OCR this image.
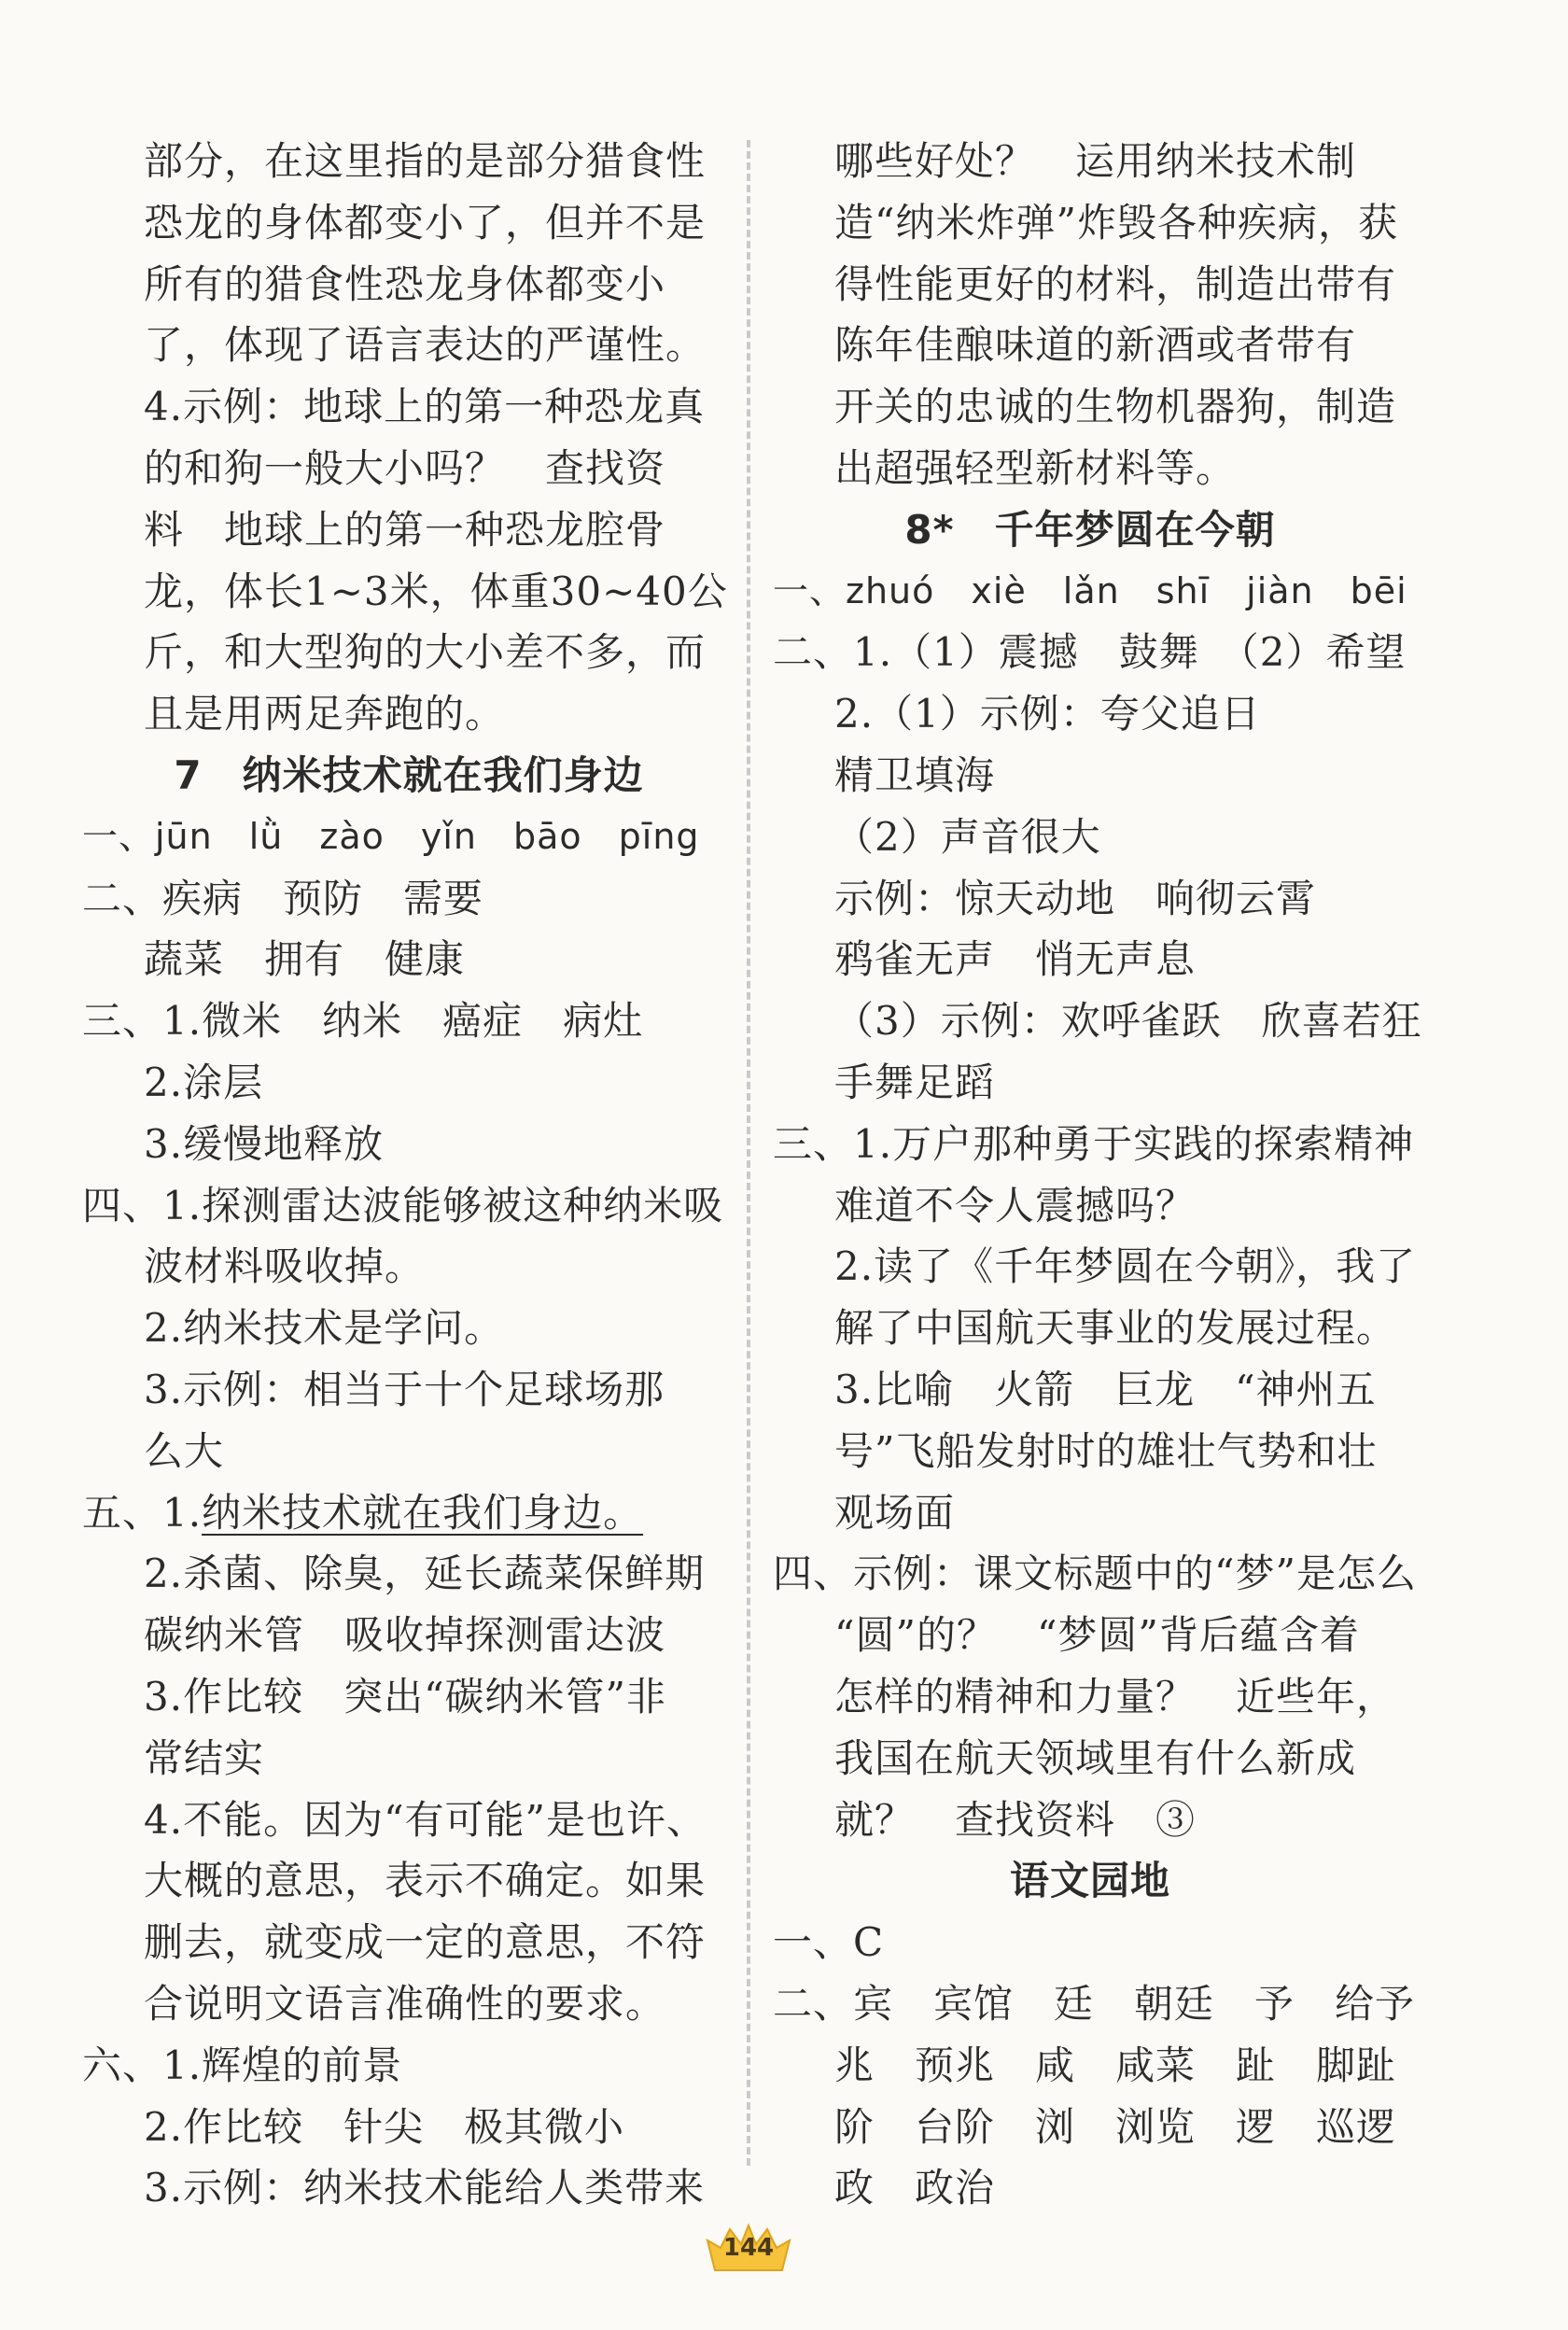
部分，在这里指的是部分猎食性
恐龙的身体都变小了，但并不是
所有的猎食性恐龙身体都变小
了，体现了语言表达的严谨性。
4.示例：地球上的第一种恐龙真
的和狗一般大小吗？　查找资
料　地球上的第一种恐龙腔骨
龙，体长1~3米，体重30~40公
斤，和大型狗的大小差不多，而
且是用两足奔跑的。
7　纳米技术就在我们身边
一、jūn　lǜ　zào　yǐn　bāo　pīng
二、疾病　预防　需要
蔬菜　拥有　健康
三、1.微米　纳米　癌症　病灶
2.涂层
3.缓慢地释放
四、1.探测雷达波能够被这种纳米吸
波材料吸收掉。
2.纳米技术是学问。
3.示例：相当于十个足球场那
么大
五、1.纳米技术就在我们身边。
2.杀菌、除臭，延长蔬菜保鲜期
碳纳米管　吸收掉探测雷达波
3.作比较　突出“碳纳米管”非
常结实
4.不能。因为“有可能”是也许、
大概的意思，表示不确定。如果
删去，就变成一定的意思，不符
合说明文语言准确性的要求。
六、1.辉煌的前景
2.作比较　针尖　极其微小
3.示例：纳米技术能给人类带来
哪些好处？　运用纳米技术制
造“纳米炸弹”炸毁各种疾病，获
得性能更好的材料，制造出带有
陈年佳酿味道的新酒或者带有
开关的忠诚的生物机器狗，制造
出超强轻型新材料等。
8*　千年梦圆在今朝
一、zhuó　xiè　lǎn　shī　jiàn　bēi
二、1.（1）震撼　鼓舞　（2）希望
2.（1）示例：夸父追日
精卫填海
（2）声音很大
示例：惊天动地　响彻云霄
鸦雀无声　悄无声息
（3）示例：欢呼雀跃　欣喜若狂
手舞足蹈
三、1.万户那种勇于实践的探索精神
难道不令人震撼吗？
2.读了《千年梦圆在今朝》，我了
解了中国航天事业的发展过程。
3.比喻　火箭　巨龙　“神州五
号”飞船发射时的雄壮气势和壮
观场面
四、示例：课文标题中的“梦”是怎么
“圆”的？　“梦圆”背后蕴含着
怎样的精神和力量？　近些年，
我国在航天领域里有什么新成
就？　查找资料　③
语文园地
一、C
二、宾　宾馆　廷　朝廷　予　给予
兆　预兆　咸　咸菜　趾　脚趾
阶　台阶　浏　浏览　逻　巡逻
政　政治
144
